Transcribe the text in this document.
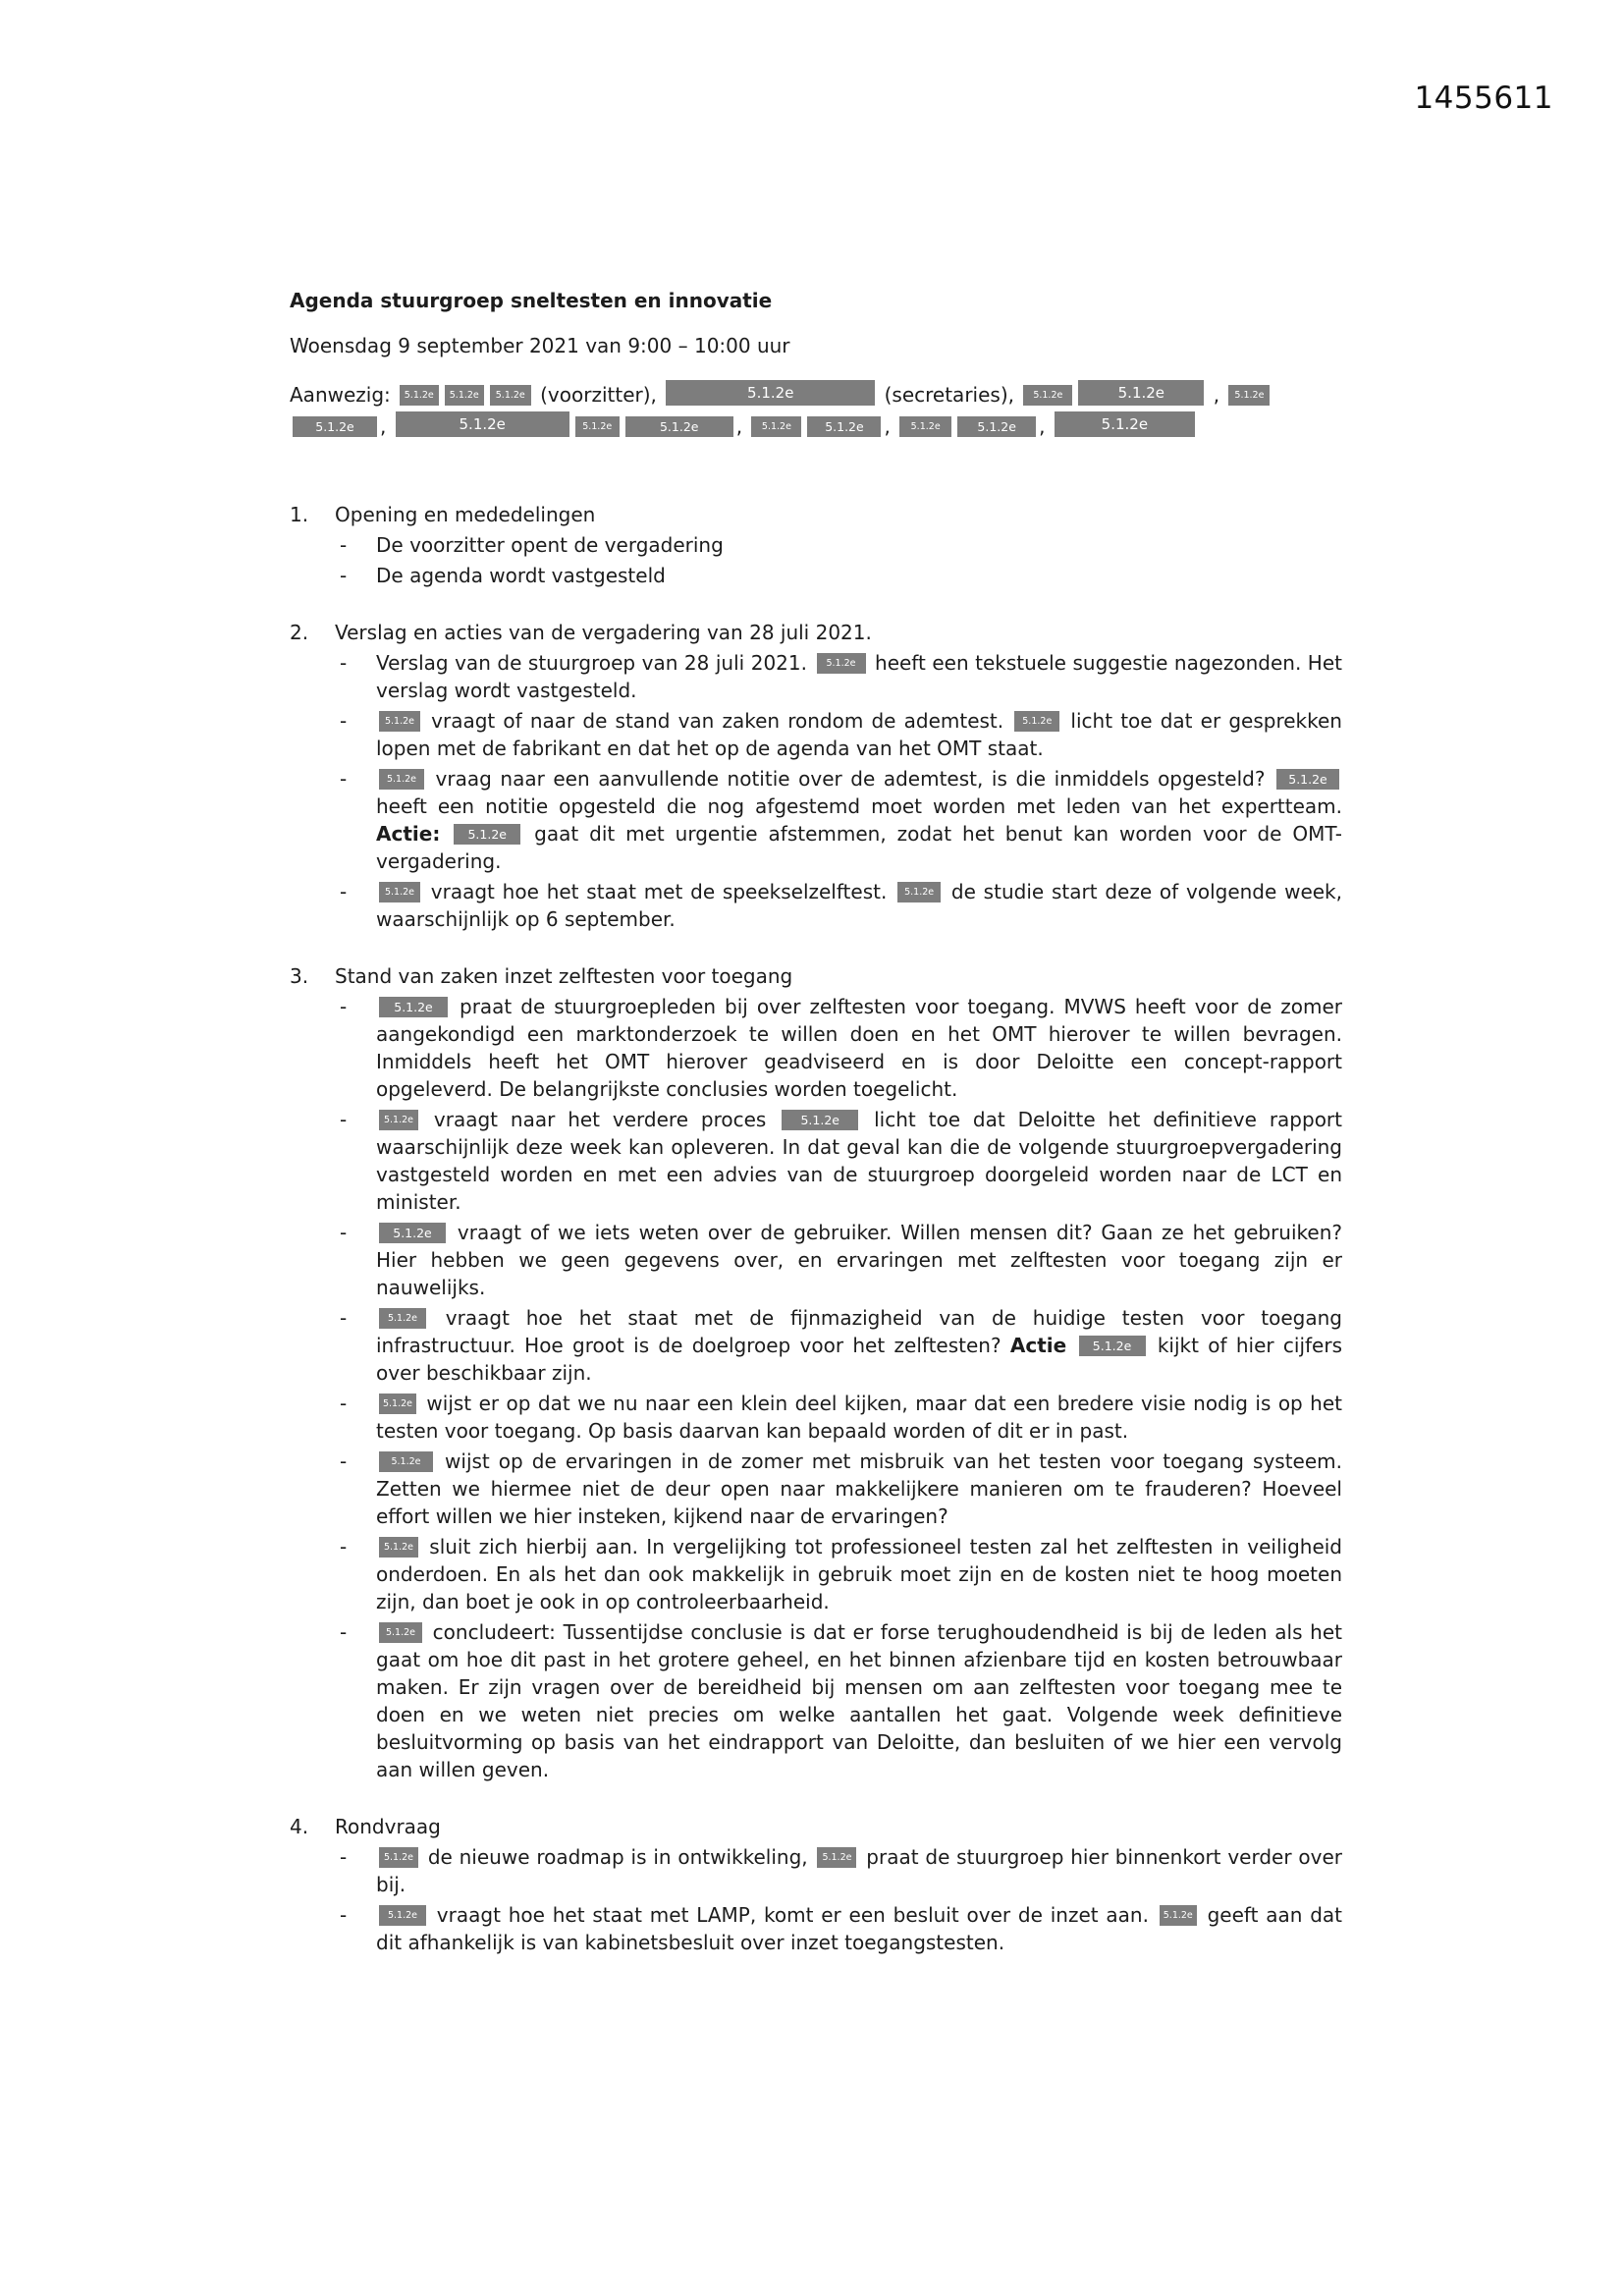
1455611
Agenda stuurgroep sneltesten en innovatie
Woensdag 9 september 2021 van 9:00 – 10:00 uur
Aanwezig: 5.1.2e 5.1.2e 5.1.2e (voorzitter),	5.1.2e	(secretaries), 5.1.2e	5.1.2e , 5.1.2e
5.1.2e ,	5.1.2e	5.1.2e	5.1.2e , 5.1.2e	5.1.2e , 5.1.2e	5.1.2e ,	5.1.2e
1.	Opening en mededelingen
-	De voorzitter opent de vergadering
-	De agenda wordt vastgesteld
2.	Verslag en acties van de vergadering van 28 juli 2021.
-	Verslag van de stuurgroep van 28 juli 2021. 5.1.2e heeft een tekstuele suggestie nagezonden. Het verslag wordt vastgesteld.
-	5.1.2e vraagt of naar de stand van zaken rondom de ademtest. 5.1.2e licht toe dat er gesprekken lopen met de fabrikant en dat het op de agenda van het OMT staat.
-	5.1.2e vraag naar een aanvullende notitie over de ademtest, is die inmiddels opgesteld? 5.1.2e heeft een notitie opgesteld die nog afgestemd moet worden met leden van het expertteam. Actie: 5.1.2e gaat dit met urgentie afstemmen, zodat het benut kan worden voor de OMT-vergadering.
-	5.1.2e vraagt hoe het staat met de speekselzelftest. 5.1.2e de studie start deze of volgende week, waarschijnlijk op 6 september.
3.	Stand van zaken inzet zelftesten voor toegang
-	5.1.2e praat de stuurgroepleden bij over zelftesten voor toegang. MVWS heeft voor de zomer aangekondigd een marktonderzoek te willen doen en het OMT hierover te willen bevragen. Inmiddels heeft het OMT hierover geadviseerd en is door Deloitte een concept-rapport opgeleverd. De belangrijkste conclusies worden toegelicht.
-	5.1.2e vraagt naar het verdere proces 5.1.2e licht toe dat Deloitte het definitieve rapport waarschijnlijk deze week kan opleveren. In dat geval kan die de volgende stuurgroepvergadering vastgesteld worden en met een advies van de stuurgroep doorgeleid worden naar de LCT en minister.
-	5.1.2e vraagt of we iets weten over de gebruiker. Willen mensen dit? Gaan ze het gebruiken? Hier hebben we geen gegevens over, en ervaringen met zelftesten voor toegang zijn er nauwelijks.
-	5.1.2e vraagt hoe het staat met de fijnmazigheid van de huidige testen voor toegang infrastructuur. Hoe groot is de doelgroep voor het zelftesten? Actie 5.1.2e kijkt of hier cijfers over beschikbaar zijn.
-	5.1.2e wijst er op dat we nu naar een klein deel kijken, maar dat een bredere visie nodig is op het testen voor toegang. Op basis daarvan kan bepaald worden of dit er in past.
-	5.1.2e wijst op de ervaringen in de zomer met misbruik van het testen voor toegang systeem. Zetten we hiermee niet de deur open naar makkelijkere manieren om te frauderen? Hoeveel effort willen we hier insteken, kijkend naar de ervaringen?
-	5.1.2e sluit zich hierbij aan. In vergelijking tot professioneel testen zal het zelftesten in veiligheid onderdoen. En als het dan ook makkelijk in gebruik moet zijn en de kosten niet te hoog moeten zijn, dan boet je ook in op controleerbaarheid.
-	5.1.2e concludeert: Tussentijdse conclusie is dat er forse terughoudendheid is bij de leden als het gaat om hoe dit past in het grotere geheel, en het binnen afzienbare tijd en kosten betrouwbaar maken. Er zijn vragen over de bereidheid bij mensen om aan zelftesten voor toegang mee te doen en we weten niet precies om welke aantallen het gaat. Volgende week definitieve besluitvorming op basis van het eindrapport van Deloitte, dan besluiten of we hier een vervolg aan willen geven.
4.	Rondvraag
-	5.1.2e de nieuwe roadmap is in ontwikkeling, 5.1.2e praat de stuurgroep hier binnenkort verder over bij.
-	5.1.2e vraagt hoe het staat met LAMP, komt er een besluit over de inzet aan. 5.1.2e geeft aan dat dit afhankelijk is van kabinetsbesluit over inzet toegangstesten.
